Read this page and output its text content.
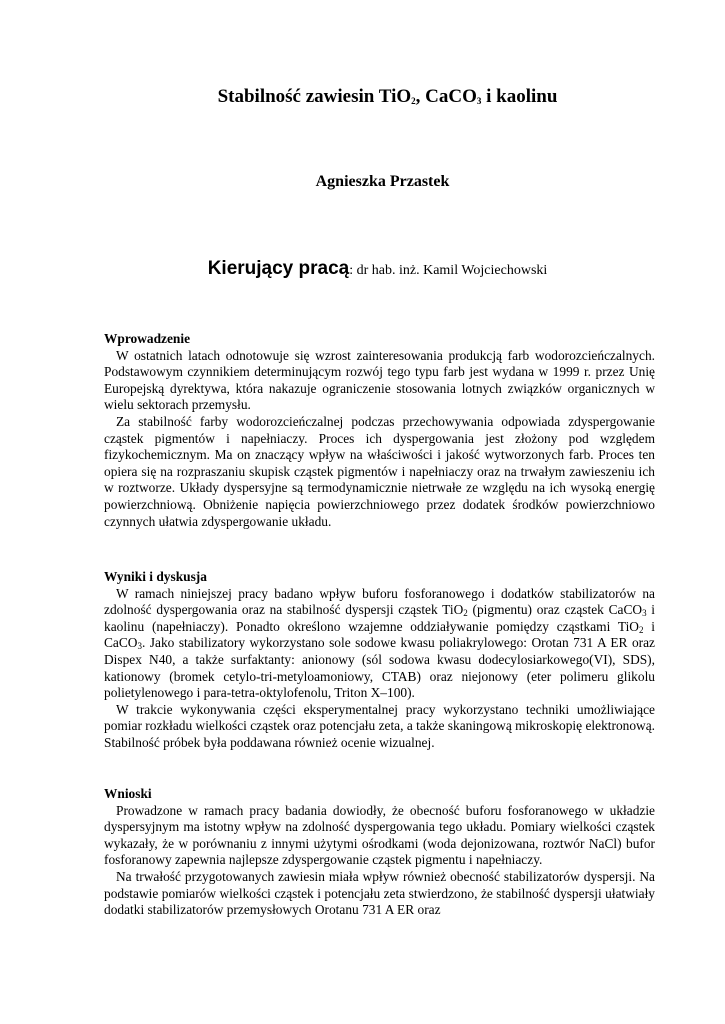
Stabilność zawiesin TiO$_2$, CaCO$_3$ i kaolinu
Agnieszka Przastek
Kierujący pracą: dr hab. inż. Kamil Wojciechowski
Wprowadzenie

W ostatnich latach odnotowuje się wzrost zainteresowania produkcją farb wodorozcieńczalnych. Podstawowym czynnikiem determinującym rozwój tego typu farb jest wydana w 1999 r. przez Unię Europejską dyrektywa, która nakazuje ograniczenie stosowania lotnych związków organicznych w wielu sektorach przemysłu.

Za stabilność farby wodorozcieńczalnej podczas przechowywania odpowiada zdyspergowanie cząstek pigmentów i napełniaczy. Proces ich dyspergowania jest złożony pod względem fizykochemicznym. Ma on znaczący wpływ na właściwości i jakość wytworzonych farb. Proces ten opiera się na rozpraszaniu skupisk cząstek pigmentów i napełniaczy oraz na trwałym zawieszeniu ich w roztworze. Układy dyspersyjne są termodynamicznie nietrwałe ze względu na ich wysoką energię powierzchniową. Obniżenie napięcia powierzchniowego przez dodatek środków powierzchniowo czynnych ułatwia zdyspergowanie układu.

Wyniki i dyskusja

W ramach niniejszej pracy badano wpływ buforu fosforanowego i dodatków stabilizatorów na zdolność dyspergowania oraz na stabilność dyspersji cząstek TiO$_2$ (pigmentu) oraz cząstek CaCO$_3$ i kaolinu (napełniaczy). Ponadto określono wzajemne oddziaływanie pomiędzy cząstkami TiO$_2$ i CaCO$_3$. Jako stabilizatory wykorzystano sole sodowe kwasu poliakrylowego: Orotan 731 A ER oraz Dispex N40, a także surfaktanty: anionowy (sól sodowa kwasu dodecylosiarkowego(VI), SDS), kationowy (bromek cetylo-tri-metyloamoniowy, CTAB) oraz niejonowy (eter polimeru glikolu polietylenowego i para-tetra-oktylofenolu, Triton X–100).

W trakcie wykonywania części eksperymentalnej pracy wykorzystano techniki umożliwiające pomiar rozkładu wielkości cząstek oraz potencjału zeta, a także skaningową mikroskopię elektronową. Stabilność próbek była poddawana również ocenie wizualnej.

Wnioski

Prowadzone w ramach pracy badania dowiodły, że obecność buforu fosforanowego w układzie dyspersyjnym ma istotny wpływ na zdolność dyspergowania tego układu. Pomiary wielkości cząstek wykazały, że w porównaniu z innymi użytymi ośrodkami (woda dejonizowana, roztwór NaCl) bufor fosforanowy zapewnia najlepsze zdyspergowanie cząstek pigmentu i napełniaczy.

Na trwałość przygotowanych zawiesin miała wpływ również obecność stabilizatorów dyspersji. Na podstawie pomiarów wielkości cząstek i potencjału zeta stwierdzono, że stabilność dyspersji ułatwiały dodatki stabilizatorów przemysłowych Orotanu 731 A ER oraz
